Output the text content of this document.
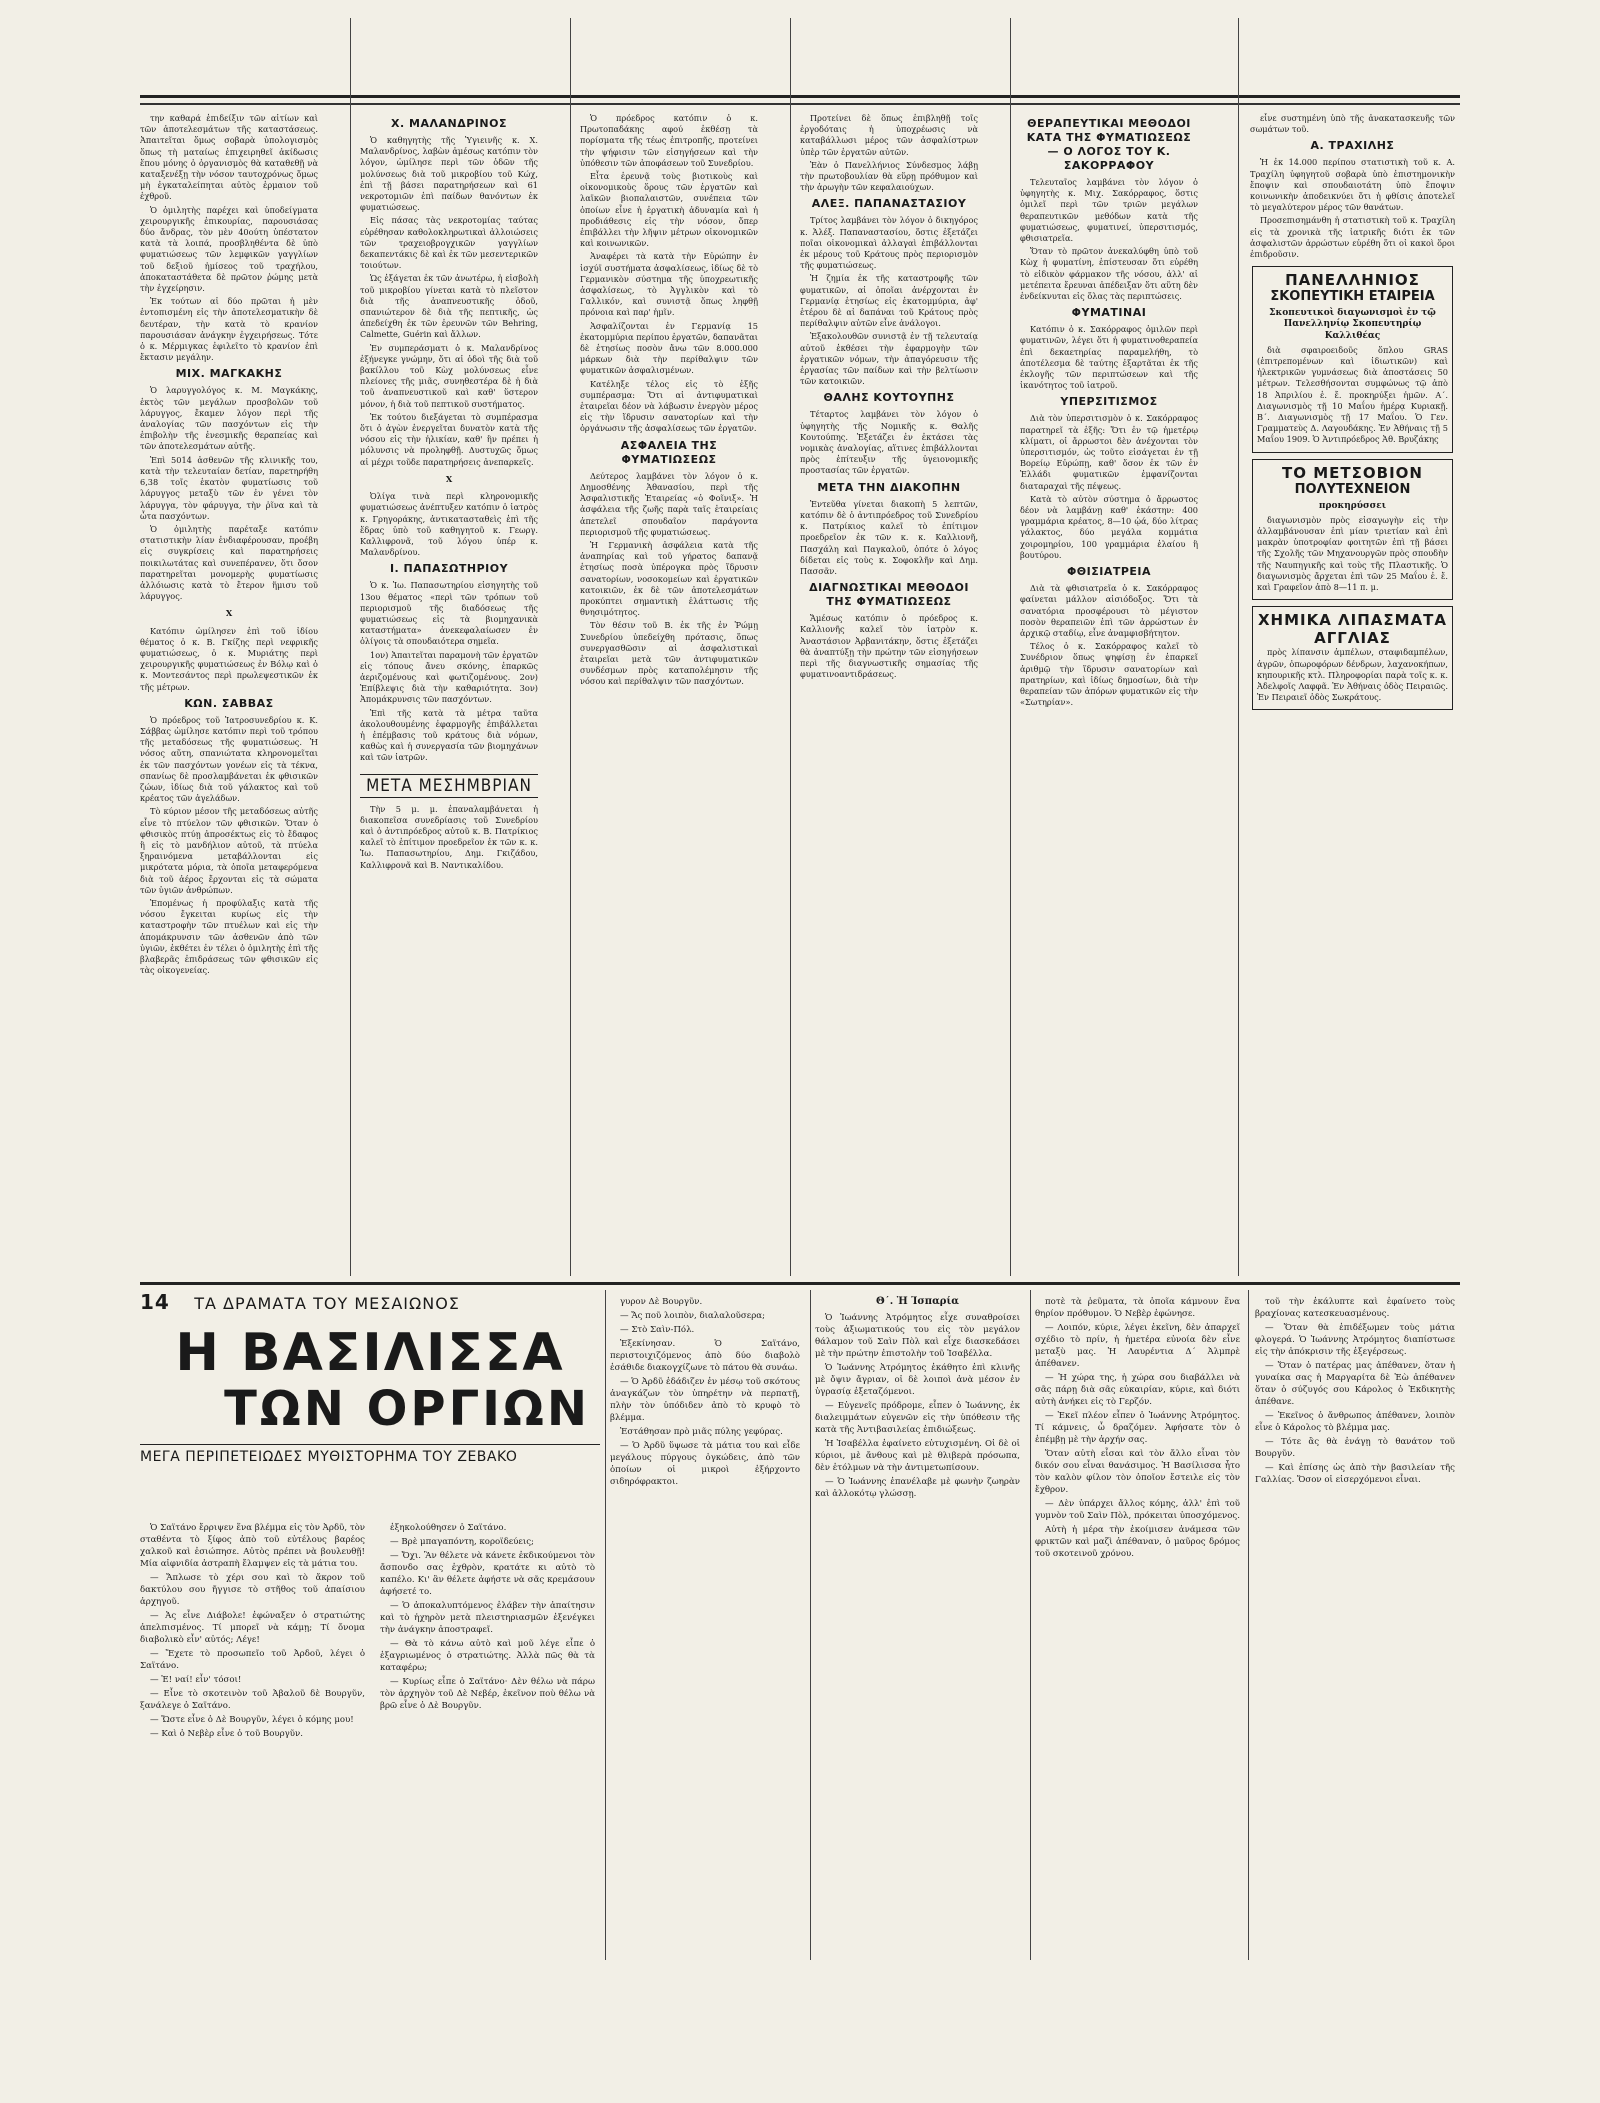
την καθαρά ἐπιδείξιν τῶν αἰτίων καὶ τῶν ἀποτελεσμάτων τῆς καταστάσεως. Ἀπαιτεῖται ὅμως σοβαρὰ ὑπολογισμὸς ὅπως τὴ ματαίως ἐπιχειρηθεῖ ἀκίδωσις ἕπου μόνης ὁ ὀργανισμὸς θὰ καταθεθῇ νὰ καταξενέξῃ τὴν νόσον ταυτοχρόνως ὅμως μὴ ἐγκαταλείπηται αὐτὸς ἐρμαιον τοῦ ἐχθροῦ.

Ὁ ὁμιλητὴς παρέχει καὶ ὑποδείγματα χειρουργικῆς ἐπικουρίας, παρουσιάσας δύο ἄνδρας, τὸν μὲν 40ούτη ὑπέστατον κατὰ τὰ λοιπά, προσβληθέντα δὲ ὑπὸ φυματιώσεως τῶν λεμφικῶν γαγγλίων τοῦ δεξιοῦ ἡμίσεος τοῦ τραχήλου, ἀποκαταστάθετα δὲ πρῶτον ῥώμης μετὰ τὴν ἐγχείρησιν.

Ἐκ τούτων αἱ δύο πρῶται ἡ μὲν ἐντοπισμένη εἰς τὴν ἀποτελεσματικὴν δὲ δευτέραν, τὴν κατὰ τὸ κρανίον παρουσιάσαν ἀνάγκην ἐγχειρήσεως. Τότε ὁ κ. Μέρμιγκας ἐφιλεῖτο τὸ κρανίον ἐπὶ ἔκτασιν μεγάλην.

ΜΙΧ. ΜΑΓΚΑΚΗΣ

Ὁ λαρυγγολόγος κ. Μ. Μαγκάκης, ἐκτὸς τῶν μεγάλων προσβολῶν τοῦ λάρυγγος, ἔκαμεν λόγον περὶ τῆς ἀναλογίας τῶν πασχόντων εἰς τὴν ἐπιβολὴν τῆς ἐνεσμικῆς θεραπείας καὶ τῶν ἀποτελεσμάτων αὐτῆς.

Ἐπὶ 5014 ἀσθενῶν τῆς κλινικῆς του, κατὰ τὴν τελευταίαν δετίαν, παρετηρήθη 6,38 τοῖς ἑκατὸν φυματίωσις τοῦ λάρυγγος μεταξὺ τῶν ἐν γένει τὸν λάρυγγα, τὸν φάρυγγα, τὴν ῥῖνα καὶ τὰ ὦτα πασχόντων.

Ὁ ὁμιλητὴς παρέταξε κατόπιν στατιστικὴν λίαν ἐνδιαφέρουσαν, προέβη εἰς συγκρίσεις καὶ παρατηρήσεις ποικιλωτάτας καὶ συνεπέρανεν, ὅτι ὅσον παρατηρεῖται μονομερὴς φυματίωσις ἀλλόιωσις κατὰ τὸ ἔτερον ἥμισυ τοῦ λάρυγγος.

X

Κατόπιν ὡμίλησεν ἐπὶ τοῦ ἰδίου θέματος ὁ κ. Β. Γκίζης περὶ νεφρικῆς φυματιώσεως, ὁ κ. Μυριάτης περὶ χειρουργικῆς φυματιώσεως ἐν Βόλῳ καὶ ὁ κ. Μοντεσάντος περὶ πρωλεψεστικῶν ἐκ τῆς μέτρων.

ΚΩΝ. ΣΑΒΒΑΣ

Ὁ πρόεδρος τοῦ Ἰατροσυνεδρίου κ. Κ. Σάββας ὡμίλησε κατόπιν περὶ τοῦ τρόπου τῆς μεταδόσεως τῆς φυματιώσεως. Ἡ νόσος αὕτη, σπανιώτατα κληρονομεῖται ἐκ τῶν πασχόντων γονέων εἰς τὰ τέκνα, σπανίως δὲ προσλαμβάνεται ἐκ φθισικῶν ζώων, ἰδίως διὰ τοῦ γάλακτος καὶ τοῦ κρέατος τῶν ἀγελάδων.

Τὸ κύριον μέσον τῆς μεταδόσεως αὐτῆς εἶνε τὸ πτύελον τῶν φθισικῶν. Ὅταν ὁ φθισικὸς πτύῃ ἀπροσέκτως εἰς τὸ ἔδαφος ἢ εἰς τὸ μανδήλιον αὐτοῦ, τὰ πτύελα ξηραινόμενα μεταβάλλονται εἰς μικρότατα μόρια, τὰ ὁποῖα μεταφερόμενα διὰ τοῦ ἀέρος ἔρχονται εἰς τὰ σώματα τῶν ὑγιῶν ἀνθρώπων.

Ἐπομένως ἡ προφύλαξις κατὰ τῆς νόσου ἔγκειται κυρίως εἰς τὴν καταστροφὴν τῶν πτυέλων καὶ εἰς τὴν ἀπομάκρυνσιν τῶν ἀσθενῶν ἀπὸ τῶν ὑγιῶν, ἐκθέτει ἐν τέλει ὁ ὁμιλητὴς ἐπὶ τῆς βλαβερᾶς ἐπιδράσεως τῶν φθισικῶν εἰς τὰς οἰκογενείας.

Χ. ΜΑΛΑΝΔΡΙΝΟΣ

Ὁ καθηγητὴς τῆς Ὑγιεινῆς κ. Χ. Μαλανδρίνος, λαβὼν ἀμέσως κατόπιν τὸν λόγον, ὡμίλησε περὶ τῶν ὁδῶν τῆς μολύνσεως διὰ τοῦ μικροβίου τοῦ Κώχ, ἐπὶ τῇ βάσει παρατηρήσεων καὶ 61 νεκροτομιῶν ἐπὶ παίδων θανόντων ἐκ φυματιώσεως.

Εἰς πάσας τὰς νεκροτομίας ταύτας εὑρέθησαν καθολοκληρωτικαὶ ἀλλοιώσεις τῶν τραχειοβρογχικῶν γαγγλίων δεκαπεντάκις δὲ καὶ ἐκ τῶν μεσεντερικῶν τοιούτων.

Ὡς ἐξάγεται ἐκ τῶν ἀνωτέρω, ἡ εἰσβολὴ τοῦ μικροβίου γίνεται κατὰ τὸ πλεῖστον διὰ τῆς ἀναπνευστικῆς ὁδοῦ, σπανιώτερον δὲ διὰ τῆς πεπτικῆς, ὡς ἀπεδείχθη ἐκ τῶν ἐρευνῶν τῶν Behring, Calmette, Guérin καὶ ἄλλων.

Ἐν συμπεράσματι ὁ κ. Μαλανδρίνος ἐξήνεγκε γνώμην, ὅτι αἱ ὁδοὶ τῆς διὰ τοῦ βακίλλου τοῦ Κὼχ μολύνσεως εἶνε πλείονες τῆς μιᾶς, συνηθεστέρα δὲ ἡ διὰ τοῦ ἀναπνευστικοῦ καὶ καθ' ὕστερον μόνον, ἡ διὰ τοῦ πεπτικοῦ συστήματος.

Ἐκ τούτου διεξάγεται τὸ συμπέρασμα ὅτι ὁ ἀγὼν ἐνεργεῖται δυνατὸν κατὰ τῆς νόσου εἰς τὴν ἡλικίαν, καθ' ἣν πρέπει ἡ μόλυνσις νὰ προληφθῇ. Δυστυχῶς ὅμως αἱ μέχρι τοῦδε παρατηρήσεις ἀνεπαρκεῖς.

X

Ὀλίγα τινὰ περὶ κληρονομικῆς φυματιώσεως ἀνέπτυξεν κατόπιν ὁ ἰατρὸς κ. Γρηγοράκης, ἀντικατασταθεὶς ἐπὶ τῆς ἕδρας ὑπὸ τοῦ καθηγητοῦ κ. Γεωργ. Καλλιφρονᾶ, τοῦ λόγου ὑπέρ κ. Μαλανδρίνου.

Ι. ΠΑΠΑΣΩΤΗΡΙΟΥ

Ὁ κ. Ἰω. Παπασωτηρίου εἰσηγητὴς τοῦ 13ου θέματος «περὶ τῶν τρόπων τοῦ περιορισμοῦ τῆς διαδόσεως τῆς φυματιώσεως εἰς τὰ βιομηχανικὰ καταστήματα» ἀνεκεφαλαίωσεν ἐν ὀλίγοις τὰ σπουδαιότερα σημεῖα.

1ον) Ἀπαιτεῖται παραμονὴ τῶν ἐργατῶν εἰς τόπους ἄνευ σκόνης, ἐπαρκῶς ἀεριζομένους καὶ φωτιζομένους. 2ον) Ἐπίβλεψις διὰ τὴν καθαριότητα. 3ον) Ἀπομάκρυνσις τῶν πασχόντων.

Ἐπὶ τῆς κατὰ τὰ μέτρα ταῦτα ἀκολουθουμένης ἐφαρμογῆς ἐπιβάλλεται ἡ ἐπέμβασις τοῦ κράτους διὰ νόμων, καθὼς καὶ ἡ συνεργασία τῶν βιομηχάνων καὶ τῶν ἰατρῶν.

ΜΕΤΑ ΜΕΣΗΜΒΡΙΑΝ

Τὴν 5 μ. μ. ἐπαναλαμβάνεται ἡ διακοπεῖσα συνεδρίασις τοῦ Συνεδρίου καὶ ὁ ἀντιπρόεδρος αὐτοῦ κ. Β. Πατρίκιος καλεῖ τὸ ἐπίτιμον προεδρεῖον ἐκ τῶν κ. κ. Ἰω. Παπασωτηρίου, Δημ. Γκιζάδου, Καλλιφρονᾶ καὶ Β. Ναντικαλίδου.

Ὁ πρόεδρος κατόπιν ὁ κ. Πρωτοπαδάκης αφού ἐκθέσῃ τὰ πορίσματα τῆς τέως ἐπιτροπῆς, προτείνει τὴν ψήφισιν τῶν εἰσηγήσεων καὶ τὴν ὑπόθεσιν τῶν ἀποφάσεων τοῦ Συνεδρίου.

Εἶτα ἐρευνᾷ τοὺς βιοτικοὺς καὶ οἰκονομικοὺς ὅρους τῶν ἐργατῶν καὶ λαϊκῶν βιοπαλαιστῶν, συνέπεια τῶν ὁποίων εἶνε ἡ ἐργατικὴ ἀδυναμία καὶ ἡ προδιάθεσις εἰς τὴν νόσον, ὅπερ ἐπιβάλλει τὴν λῆψιν μέτρων οἰκονομικῶν καὶ κοινωνικῶν.

Ἀναφέρει τὰ κατὰ τὴν Εὐρώπην ἐν ἰσχύϊ συστήματα ἀσφαλίσεως, ἰδίως δὲ τὸ Γερμανικὸν σύστημα τῆς ὑποχρεωτικῆς ἀσφαλίσεως, τὸ Ἀγγλικὸν καὶ τὸ Γαλλικόν, καὶ συνιστᾷ ὅπως ληφθῇ πρόνοια καὶ παρ' ἡμῖν.

Ἀσφαλίζονται ἐν Γερμανίᾳ 15 ἑκατομμύρια περίπου ἐργατῶν, δαπανᾶται δὲ ἐτησίως ποσὸν ἄνω τῶν 8.000.000 μάρκων διὰ τὴν περίθαλψιν τῶν φυματικῶν ἀσφαλισμένων.

Κατέληξε τέλος εἰς τὸ ἑξῆς συμπέρασμα: Ὅτι αἱ ἀντιφυματικαὶ ἑταιρεῖαι δέον νὰ λάβωσιν ἐνεργὸν μέρος εἰς τὴν ἵδρυσιν σανατορίων καὶ τὴν ὀργάνωσιν τῆς ἀσφαλίσεως τῶν ἐργατῶν.

ΑΣΦΑΛΕΙΑ ΤΗΣ ΦΥΜΑΤΙΩΣΕΩΣ

Δεύτερος λαμβάνει τὸν λόγον ὁ κ. Δημοσθένης Ἀθανασίου, περὶ τῆς Ἀσφαλιστικῆς Ἑταιρείας «ὁ Φοῖνιξ». Ἡ ἀσφάλεια τῆς ζωῆς παρὰ ταῖς ἑταιρείαις ἀπετελεῖ σπουδαῖον παράγοντα περιορισμοῦ τῆς φυματιώσεως.

Ἡ Γερμανικὴ ἀσφάλεια κατὰ τῆς ἀναπηρίας καὶ τοῦ γήρατος δαπανᾷ ἐτησίως ποσὰ ὑπέρογκα πρὸς ἵδρυσιν σανατορίων, νοσοκομείων καὶ ἐργατικῶν κατοικιῶν, ἐκ δὲ τῶν ἀποτελεσμάτων προκύπτει σημαντικὴ ἐλάττωσις τῆς θνησιμότητος.

Τὸν θέσιν τοῦ Β. ἐκ τῆς ἐν Ῥώμῃ Συνεδρίου ὑπεδείχθη πρότασις, ὅπως συνεργασθῶσιν αἱ ἀσφαλιστικαὶ ἑταιρεῖαι μετὰ τῶν ἀντιφυματικῶν συνδέσμων πρὸς καταπολέμησιν τῆς νόσου καὶ περίθαλψιν τῶν πασχόντων.

Προτείνει δὲ ὅπως ἐπιβληθῇ τοῖς ἐργοδόταις ἡ ὑποχρέωσις νὰ καταβάλλωσι μέρος τῶν ἀσφαλίστρων ὑπὲρ τῶν ἐργατῶν αὐτῶν.

Ἐὰν ὁ Πανελλήνιος Σύνδεσμος λάβῃ τὴν πρωτοβουλίαν θὰ εὕρῃ πρόθυμον καὶ τὴν ἀρωγὴν τῶν κεφαλαιούχων.

ΑΛΕΞ. ΠΑΠΑΝΑΣΤΑΣΙΟΥ

Τρίτος λαμβάνει τὸν λόγον ὁ δικηγόρος κ. Ἀλέξ. Παπαναστασίου, ὅστις ἐξετάζει ποῖαι οἰκονομικαὶ ἀλλαγαὶ ἐπιβάλλονται ἐκ μέρους τοῦ Κράτους πρὸς περιορισμὸν τῆς φυματιώσεως.

Ἡ ζημία ἐκ τῆς καταστροφῆς τῶν φυματικῶν, αἱ ὁποῖαι ἀνέρχονται ἐν Γερμανίᾳ ἐτησίως εἰς ἑκατομμύρια, ἀφ' ἑτέρου δὲ αἱ δαπάναι τοῦ Κράτους πρὸς περίθαλψιν αὐτῶν εἶνε ἀνάλογοι.

Ἐξακολουθῶν συνιστᾷ ἐν τῇ τελευταίᾳ αὐτοῦ ἐκθέσει τὴν ἐφαρμογὴν τῶν ἐργατικῶν νόμων, τὴν ἀπαγόρευσιν τῆς ἐργασίας τῶν παίδων καὶ τὴν βελτίωσιν τῶν κατοικιῶν.

ΘΑΛΗΣ ΚΟΥΤΟΥΠΗΣ

Τέταρτος λαμβάνει τὸν λόγον ὁ ὑφηγητὴς τῆς Νομικῆς κ. Θαλῆς Κουτούπης. Ἐξετάζει ἐν ἐκτάσει τὰς νομικὰς ἀναλογίας, αἵτινες ἐπιβάλλονται πρὸς ἐπίτευξιν τῆς ὑγειονομικῆς προστασίας τῶν ἐργατῶν.

ΜΕΤΑ ΤΗΝ ΔΙΑΚΟΠΗΝ

Ἐντεῦθα γίνεται διακοπὴ 5 λεπτῶν, κατόπιν δὲ ὁ ἀντιπρόεδρος τοῦ Συνεδρίου κ. Πατρίκιος καλεῖ τὸ ἐπίτιμον προεδρεῖον ἐκ τῶν κ. κ. Καλλιονῆ, Πασχάλη καὶ Παγκαλοῦ, ὁπότε ὁ λόγος δίδεται εἰς τοὺς κ. Σοφοκλῆν καὶ Δημ. Πασσᾶν.

ΔΙΑΓΝΩΣΤΙΚΑΙ ΜΕΘΟΔΟΙ ΤΗΣ ΦΥΜΑΤΙΩΣΕΩΣ

Ἄμέσως κατόπιν ὁ πρόεδρος κ. Καλλιονῆς καλεῖ τὸν ἰατρὸν κ. Ἀναστάσιον Ἀρβανιτάκην, ὅστις ἐξετάζει θὰ ἀναπτύξῃ τὴν πρώτην τῶν εἰσηγήσεων περὶ τῆς διαγνωστικῆς σημασίας τῆς φυματινοαντιδράσεως.

ΘΕΡΑΠΕΥΤΙΚΑΙ ΜΕΘΟΔΟΙ ΚΑΤΑ ΤΗΣ ΦΥΜΑΤΙΩΣΕΩΣ — Ο ΛΟΓΟΣ ΤΟΥ Κ. ΣΑΚΟΡΡΑΦΟΥ

Τελευταῖος λαμβάνει τὸν λόγον ὁ ὑφηγητὴς κ. Μιχ. Σακόρραφος, ὅστις ὁμιλεῖ περὶ τῶν τριῶν μεγάλων θεραπευτικῶν μεθόδων κατὰ τῆς φυματιώσεως, φυματινεί, ὑπερσιτισμός, φθισιατρεῖα.

Ὅταν τὸ πρῶτον ἀνεκαλύφθη ὑπὸ τοῦ Κὼχ ἡ φυματίνη, ἐπίστευσαν ὅτι εὑρέθη τὸ εἰδικὸν φάρμακον τῆς νόσου, ἀλλ' αἱ μετέπειτα ἔρευναι ἀπέδειξαν ὅτι αὕτη δὲν ἐνδείκνυται εἰς ὅλας τὰς περιπτώσεις.

ΦΥΜΑΤΙΝΑΙ

Κατόπιν ὁ κ. Σακόρραφος ὁμιλῶν περὶ φυματινῶν, λέγει ὅτι ἡ φυματινοθεραπεία ἐπὶ δεκαετηρίας παραμελήθη, τὸ ἀποτέλεσμα δὲ ταύτης ἐξαρτᾶται ἐκ τῆς ἐκλογῆς τῶν περιπτώσεων καὶ τῆς ἱκανότητος τοῦ ἰατροῦ.

ΥΠΕΡΣΙΤΙΣΜΟΣ

Διὰ τὸν ὑπερσιτισμὸν ὁ κ. Σακόρραφος παρατηρεῖ τὰ ἑξῆς: Ὅτι ἐν τῷ ἡμετέρῳ κλίματι, οἱ ἄρρωστοι δὲν ἀνέχονται τὸν ὑπερσιτισμόν, ὡς τοῦτο εἰσάγεται ἐν τῇ Βορείῳ Εὐρώπῃ, καθ' ὅσον ἐκ τῶν ἐν Ἑλλάδι φυματικῶν ἐμφανίζονται διαταραχαὶ τῆς πέψεως.

Κατὰ τὸ αὐτὸν σύστημα ὁ ἄρρωστος δέον νὰ λαμβάνῃ καθ' ἑκάστην: 400 γραμμάρια κρέατος, 8—10 ᾠά, δύο λίτρας γάλακτος, δύο μεγάλα κομμάτια χοιρομηρίου, 100 γραμμάρια ἐλαίου ἢ βουτύρου.

ΦΘΙΣΙΑΤΡΕΙΑ

Διὰ τὰ φθισιατρεῖα ὁ κ. Σακόρραφος φαίνεται μάλλον αἰσιόδοξος. Ὅτι τὰ σανατόρια προσφέρουσι τὸ μέγιστον ποσὸν θεραπειῶν ἐπὶ τῶν ἀρρώστων ἐν ἀρχικῷ σταδίῳ, εἶνε ἀναμφισβήτητον.

Τέλος ὁ κ. Σακόρραφος καλεῖ τὸ Συνέδριον ὅπως ψηφίσῃ ἐν ἐπαρκεῖ ἀριθμῷ τὴν ἵδρυσιν σανατορίων καὶ πρατηρίων, καὶ ἰδίως δημοσίων, διὰ τὴν θεραπείαν τῶν ἀπόρων φυματικῶν εἰς τὴν «Σωτηρίαν».

εἶνε συστημένη ὑπὸ τῆς ἀνακατασκευῆς τῶν σωμάτων τοῦ.

Α. ΤΡΑΧΙΛΗΣ

Ἡ ἐκ 14.000 περίπου στατιστικὴ τοῦ κ. Α. Τραχίλη ὑφηγητοῦ σοβαρὰ ὑπὸ ἐπιστημονικὴν ἔποψιν καὶ σπουδαιοτάτη ὑπὸ ἔποψιν κοινωνικὴν ἀποδεικνύει ὅτι ἡ φθίσις ἀποτελεῖ τὸ μεγαλύτερον μέρος τῶν θανάτων.

Προσεπισημάνθη ἡ στατιστικὴ τοῦ κ. Τραχίλη εἰς τὰ χρονικὰ τῆς ἰατρικῆς διότι ἐκ τῶν ἀσφαλιστῶν ἀρρώστων εὑρέθη ὅτι οἱ κακοὶ ὅροι ἐπιδροῦσιν.

ΠΑΝΕΛΛΗΝΙΟΣ
ΣΚΟΠΕΥΤΙΚΗ ΕΤΑΙΡΕΙΑ
Σκοπευτικοὶ διαγωνισμοὶ ἐν τῷ Πανελληνίῳ Σκοπευτηρίῳ Καλλιθέας

διὰ σφαιροειδοῦς ὅπλου GRAS (ἐπιτρεπομένων καὶ ἰδιωτικῶν) καὶ ἠλεκτρικῶν γυμνάσεως διὰ ἀποστάσεις 50 μέτρων. Τελεσθήσονται συμφώνως τῷ ἀπὸ 18 Ἀπριλίου ἐ. ἔ. προκηρύξει ἡμῶν. Α΄. Διαγωνισμὸς τῇ 10 Μαΐου ἡμέρᾳ Κυριακῇ. Β΄. Διαγωνισμὸς τῇ 17 Μαΐου. Ὁ Γεν. Γραμματεὺς Δ. Λαγουδάκης. Ἐν Ἀθήναις τῇ 5 Μαΐου 1909. Ὁ Ἀντιπρόεδρος Ἀθ. Βρυζάκης

ΤΟ ΜΕΤΣΟΒΙΟΝ
ΠΟΛΥΤΕΧΝΕΙΟΝ
προκηρύσσει

διαγωνισμὸν πρὸς εἰσαγωγὴν εἰς τὴν ἀλλαμβάνουσαν ἐπὶ μίαν τριετίαν καὶ ἐπὶ μακρὰν ὑποτροφίαν φοιτητῶν ἐπὶ τῇ βάσει τῆς Σχολῆς τῶν Μηχανουργῶν πρὸς σπουδὴν τῆς Ναυπηγικῆς καὶ τοὺς τῆς Πλαστικῆς. Ὁ διαγωνισμὸς ἄρχεται ἐπὶ τῶν 25 Μαΐου ἐ. ἔ. καὶ Γραφεῖον ἀπὸ 8—11 π. μ.

ΧΗΜΙΚΑ ΛΙΠΑΣΜΑΤΑ ΑΓΓΛΙΑΣ

πρὸς λίπανσιν ἀμπέλων, σταφιδαμπέλων, ἀγρῶν, ὀπωροφόρων δένδρων, λαχανοκήπων, κηπουρικῆς κτλ. Πληροφορίαι παρὰ τοῖς κ. κ. Ἀδελφοῖς Λαφφᾶ. Ἐν Ἀθήναις ὁδὸς Πειραιῶς. Ἐν Πειραιεῖ ὁδὸς Σωκράτους.

14 ΤΑ ΔΡΑΜΑΤΑ ΤΟΥ ΜΕΣΑΙΩΝΟΣ
Η ΒΑΣΙΛΙΣΣΑ
ΤΩΝ ΟΡΓΙΩΝ
ΜΕΓΑ ΠΕΡΙΠΕΤΕΙΩΔΕΣ ΜΥΘΙΣΤΟΡΗΜΑ ΤΟΥ ZEBAKO

Ὁ Σαϊτάνο ἔρριψεν ἕνα βλέμμα εἰς τὸν Ἀρδῦ, τὸν σταθέντα τὸ ξίφος ἀπὸ τοῦ εὐτέλους βαρέος χαλκοῦ καὶ ἐσιώπησε. Αὐτὸς πρέπει νὰ βουλευθῇ! Μία αἰφνιδία ἀστραπὴ ἔλαμψεν εἰς τὰ μάτια του.

— Ἄπλωσε τὸ χέρι σου καὶ τὸ ἄκρον τοῦ δακτύλου σου ἤγγισε τὸ στῆθος τοῦ ἀπαίσιου ἀρχηγοῦ.

— Ἀς εἶνε Διάβολε! ἐφώναξεν ὁ στρατιώτης ἀπελπισμένος. Τί μπορεῖ νὰ κάμῃ; Τί ὄνομα διαβολικὸ εἶν' αὐτός; Λέγε!

— Ἔχετε τὸ προσωπεῖο τοῦ Ἀρδοῦ, λέγει ὁ Σαϊτάνο.

— Ἐ! ναί! εἶν' τόσοι!

— Εἶνε τὸ σκοτεινὸν τοῦ Ἀβαλοῦ δὲ Βουργῦν, ξανάλεγε ὁ Σαϊτάνο.

— Ὥστε εἶνε ὁ Δὲ Βουργῦν, λέγει ὁ κόμης μου!

— Καὶ ὁ Νεβὲρ εἶνε ὁ τοῦ Βουργῦν.

ἐξηκολούθησεν ὁ Σαϊτάνο.

— Βρὲ μπαγαπόντη, κοροϊδεύεις;

— Ὄχι. Ἂν θέλετε νὰ κάνετε ἐκδικούμενοι τὸν ἄσπονδο σας ἐχθρὸν, κρατάτε κι αὐτὸ τὸ καπέλο. Κι' ἂν θέλετε ἀφήστε νὰ σᾶς κρεμάσουν ἀφήσετέ το.

— Ὁ ἀποκαλυπτόμενος ἐλάβεν τὴν ἀπαίτησιν καὶ τὸ ἡχηρὸν μετὰ πλειστηριασμῶν ἐξενέγκει τὴν ἀνάγκην ἀποστραφεῖ.

— Θὰ τὸ κάνω αὐτὸ καὶ μοῦ λέγε εἶπε ὁ ἐξαγριωμένος ὁ στρατιώτης. Ἀλλὰ πῶς θὰ τὰ καταφέρω;

— Κυρίως εἶπε ὁ Σαϊτάνο· Δὲν θέλω νὰ πάρω τὸν ἀρχηγὸν τοῦ Δὲ Νεβέρ, ἐκεῖνον ποὺ θέλω νὰ βρῶ εἶνε ὁ Δὲ Βουργῦν.

γυρον Δὲ Βουργῦν.

— Ἄς ποῦ λοιπὸν, διαλαλοῦσερα;

— Στὸ Σαὶν-Πόλ.

Ἐξεκίνησαν. Ὁ Σαϊτάνο, περιστοιχιζόμενος ἀπὸ δύο διαβολὸ ἐσάθιδε διακογχίζωνε τὸ πάτου θὰ συνάω.

— Ὁ Ἀρδῦ ἐδάδιζεν ἐν μέσῳ τοῦ σκότους ἀναγκάζων τὸν ὑπηρέτην νὰ περπατῇ, πλὴν τὸν ὑπόδιδεν ἀπὸ τὸ κρυφὸ τὸ βλέμμα.

Ἐστάθησαν πρὸ μιᾶς πύλης γεφύρας.

— Ὁ Ἀρδῦ ὕψωσε τὰ μάτια του καὶ εἶδε μεγάλους πύργους ὀγκώδεις, ἀπὸ τῶν ὁποίων οἱ μικροὶ ἐξήρχοντο σιδηρόφρακτοι.

Θ΄. Ἡ Ἰσπαρία

Ὁ Ἰωάννης Ἀτρόμητος εἶχε συναθροίσει τοὺς ἀξιωματικούς του εἰς τὸν μεγάλον θάλαμον τοῦ Σαὶν Πὸλ καὶ εἶχε διασκεδάσει μὲ τὴν πρώτην ἐπιστολὴν τοῦ Ἰσαβέλλα.

Ὁ Ἰωάννης Ἀτρόμητος ἐκάθητο ἐπὶ κλινῆς μὲ ὄψιν ἄγριαν, οἱ δὲ λοιποὶ ἀνὰ μέσον ἐν ὑγρασίᾳ ἐξεταζόμενοι.

— Εὐγενεῖς πρόδρομε, εἶπεν ὁ Ἰωάννης, ἐκ διαλειμμάτων εὐγενῶν εἰς τὴν ὑπόθεσιν τῆς κατὰ τῆς Ἀντιβασιλείας ἐπιδιώξεως.

Ἡ Ἰσαβέλλα ἐφαίνετο εὐτυχισμένη. Οἱ δὲ οἱ κύριοι, μὲ ἄνθους καὶ μὲ θλιβερὰ πρόσωπα, δὲν ἐτόλμων νὰ τὴν ἀντιμετωπίσουν.

— Ὁ Ἰωάννης ἐπανέλαβε μὲ φωνὴν ζωηρὰν καὶ ἀλλοκότῳ γλώσσῃ.

ποτὲ τὰ ῥεῦματα, τὰ ὁποῖα κάμνουν ἕνα θηρίον πρόθυμον. Ὁ Νεβὲρ ἐφώνησε.

— Λοιπόν, κύριε, λέγει ἐκεῖνη, δὲν ἀπαρχεῖ σχέδιο τὸ πρίν, ἡ ἡμετέρα εὐνοία δὲν εἶνε μεταξὺ μας. Ἡ Λαυρέντια Δ΄ Ἀλμπρὲ ἀπέθανεν.

— Ἡ χώρα της, ἡ χώρα σου διαβάλλει νὰ σᾶς πάρῃ διὰ σᾶς εὐκαιρίαν, κύριε, καὶ διότι αὐτὴ ἀνήκει εἰς τὸ Γερζόν.

— Ἐκεῖ πλέον εἶπεν ὁ Ἰωάννης Ἀτρόμητος. Τί κάμνεις, ὦ δραζόμεν. Ἀφήσατε τὸν ὁ ἐπέμβῃ μὲ τὴν ἀρχήν σας.

Ὅταν αὐτὴ εἶσαι καὶ τὸν ἄλλο εἶναι τὸν δικόν σου εἶναι θανάσιμος. Ἡ Βασίλισσα ἦτο τὸν καλὸν φίλον τὸν ὁποῖον ἔστειλε εἰς τὸν ἔχθρον.

— Δὲν ὑπάρχει ἄλλος κόμης, ἀλλ' ἐπὶ τοῦ γυμνὸν τοῦ Σαὶν Πὸλ, πρόκειται ὑποσχόμενος.

Αὐτὴ ἡ μέρα τὴν ἐκοίμισεν ἀνάμεσα τῶν φρικτῶν καὶ μαζὶ ἀπέθαναν, ὁ μαῦρος δρόμος τοῦ σκοτεινοῦ χρόνου.

τοῦ τὴν ἐκάλυπτε καὶ ἐφαίνετο τοὺς βραχίονας κατεσκευασμένους.

— Ὅταν θὰ ἐπιδέξωμεν τοὺς μάτια φλογερά. Ὁ Ἰωάννης Ἀτρόμητος διαπίστωσε εἰς τὴν ἀπόκρισιν τῆς ἐξεγέρσεως.

— Ὅταν ὁ πατέρας μας ἀπέθανεν, ὅταν ἡ γυναίκα σας ἡ Μαργαρίτα δὲ Ἑὼ ἀπέθανεν ὅταν ὁ σύζυγός σου Κάρολος ὁ Ἐκδικητὴς ἀπέθανε.

— Ἐκεῖνος ὁ ἄνθρωπος ἀπέθανεν, λοιπὸν εἶνε ὁ Κάρολος τὸ βλέμμα μας.

— Τότε ἂς θὰ ἐνάγῃ τὸ θανάτον τοῦ Βουργῦν.

— Καὶ ἐπίσης ὡς ἀπὸ τὴν βασιλείαν τῆς Γαλλίας. Ὅσον οἱ εἰσερχόμενοι εἶναι.
